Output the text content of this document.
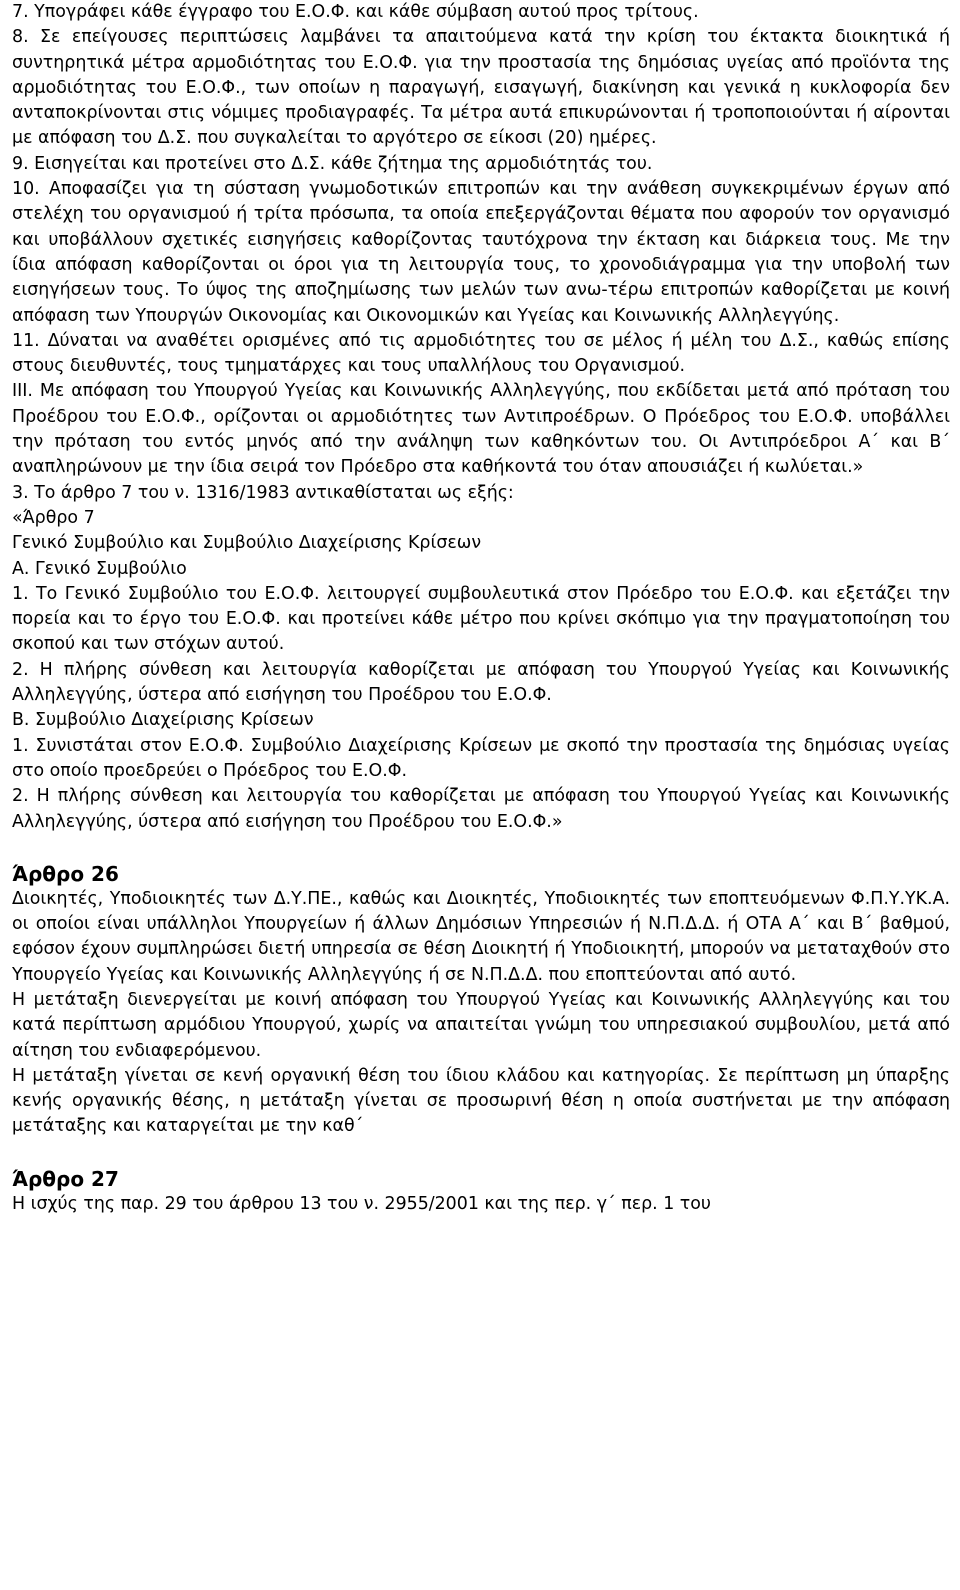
7. Υπογράφει κάθε έγγραφο του Ε.Ο.Φ. και κάθε σύμβαση αυτού προς τρίτους.

8. Σε επείγουσες περιπτώσεις λαμβάνει τα απαιτούμενα κατά την κρίση του έκτακτα διοικητικά ή συντηρητικά μέτρα αρμοδιότητας του Ε.Ο.Φ. για την προστασία της δημόσιας υγείας από προϊόντα της αρμοδιότητας του Ε.Ο.Φ., των οποίων η παραγωγή, εισαγωγή, διακίνηση και γενικά η κυκλοφορία δεν ανταποκρίνονται στις νόμιμες προδιαγραφές. Τα μέτρα αυτά επικυρώνονται ή τροποποιούνται ή αίρονται με απόφαση του Δ.Σ. που συγκαλείται το αργότερο σε είκοσι (20) ημέρες.

9. Εισηγείται και προτείνει στο Δ.Σ. κάθε ζήτημα της αρμοδιότητάς του.

10. Αποφασίζει για τη σύσταση γνωμοδοτικών επιτροπών και την ανάθεση συγκεκριμένων έργων από στελέχη του οργανισμού ή τρίτα πρόσωπα, τα οποία επεξεργάζονται θέματα που αφορούν τον οργανισμό και υποβάλλουν σχετικές εισηγήσεις καθορίζοντας ταυτόχρονα την έκταση και διάρκεια τους. Με την ίδια απόφαση καθορίζονται οι όροι για τη λειτουργία τους, το χρονοδιάγραμμα για την υποβολή των εισηγήσεων τους. Το ύψος της αποζημίωσης των μελών των ανω-τέρω επιτροπών καθορίζεται με κοινή απόφαση των Υπουργών Οικονομίας και Οικονομικών και Υγείας και Κοινωνικής Αλληλεγγύης.

11. Δύναται να αναθέτει ορισμένες από τις αρμοδιότητες του σε μέλος ή μέλη του Δ.Σ., καθώς επίσης στους διευθυντές, τους τμηματάρχες και τους υπαλλήλους του Οργανισμού.

ΙΙΙ. Με απόφαση του Υπουργού Υγείας και Κοινωνικής Αλληλεγγύης, που εκδίδεται μετά από πρόταση του Προέδρου του Ε.Ο.Φ., ορίζονται οι αρμοδιότητες των Αντιπροέδρων. Ο Πρόεδρος του Ε.Ο.Φ. υποβάλλει την πρόταση του εντός μηνός από την ανάληψη των καθηκόντων του. Οι Αντιπρόεδροι Α΄ και Β΄ αναπληρώνουν με την ίδια σειρά τον Πρόεδρο στα καθήκοντά του όταν απουσιάζει ή κωλύεται.»

3. Το άρθρο 7 του ν. 1316/1983 αντικαθίσταται ως εξής:

«Άρθρο 7

Γενικό Συμβούλιο και Συμβούλιο Διαχείρισης Κρίσεων

Α. Γενικό Συμβούλιο

1. Το Γενικό Συμβούλιο του Ε.Ο.Φ. λειτουργεί συμβουλευτικά στον Πρόεδρο του Ε.Ο.Φ. και εξετάζει την πορεία και το έργο του Ε.Ο.Φ. και προτείνει κάθε μέτρο που κρίνει σκόπιμο για την πραγματοποίηση του σκοπού και των στόχων αυτού.

2. Η πλήρης σύνθεση και λειτουργία καθορίζεται με απόφαση του Υπουργού Υγείας και Κοινωνικής Αλληλεγγύης, ύστερα από εισήγηση του Προέδρου του Ε.Ο.Φ.

Β. Συμβούλιο Διαχείρισης Κρίσεων

1. Συνιστάται στον Ε.Ο.Φ. Συμβούλιο Διαχείρισης Κρίσεων με σκοπό την προστασία της δημόσιας υγείας στο οποίο προεδρεύει ο Πρόεδρος του Ε.Ο.Φ.

2. Η πλήρης σύνθεση και λειτουργία του καθορίζεται με απόφαση του Υπουργού Υγείας και Κοινωνικής Αλληλεγγύης, ύστερα από εισήγηση του Προέδρου του Ε.Ο.Φ.»

Άρθρο 26

Διοικητές, Υποδιοικητές των Δ.Υ.ΠΕ., καθώς και Διοικητές, Υποδιοικητές των εποπτευόμενων Φ.Π.Υ.ΥΚ.Α. οι οποίοι είναι υπάλληλοι Υπουργείων ή άλλων Δημόσιων Υπηρεσιών ή Ν.Π.Δ.Δ. ή ΟΤΑ Α΄ και Β΄ βαθμού, εφόσον έχουν συμπληρώσει διετή υπηρεσία σε θέση Διοικητή ή Υποδιοικητή, μπορούν να μεταταχθούν στο Υπουργείο Υγείας και Κοινωνικής Αλληλεγγύης ή σε Ν.Π.Δ.Δ. που εποπτεύονται από αυτό.

Η μετάταξη διενεργείται με κοινή απόφαση του Υπουργού Υγείας και Κοινωνικής Αλληλεγγύης και του κατά περίπτωση αρμόδιου Υπουργού, χωρίς να απαιτείται γνώμη του υπηρεσιακού συμβουλίου, μετά από αίτηση του ενδιαφερόμενου.

Η μετάταξη γίνεται σε κενή οργανική θέση του ίδιου κλάδου και κατηγορίας. Σε περίπτωση μη ύπαρξης κενής οργανικής θέσης, η μετάταξη γίνεται σε προσωρινή θέση η οποία συστήνεται με την απόφαση μετάταξης και καταργείται με την καθ΄

Άρθρο 27

Η ισχύς της παρ. 29 του άρθρου 13 του ν. 2955/2001 και της περ. γ΄ περ. 1 του
